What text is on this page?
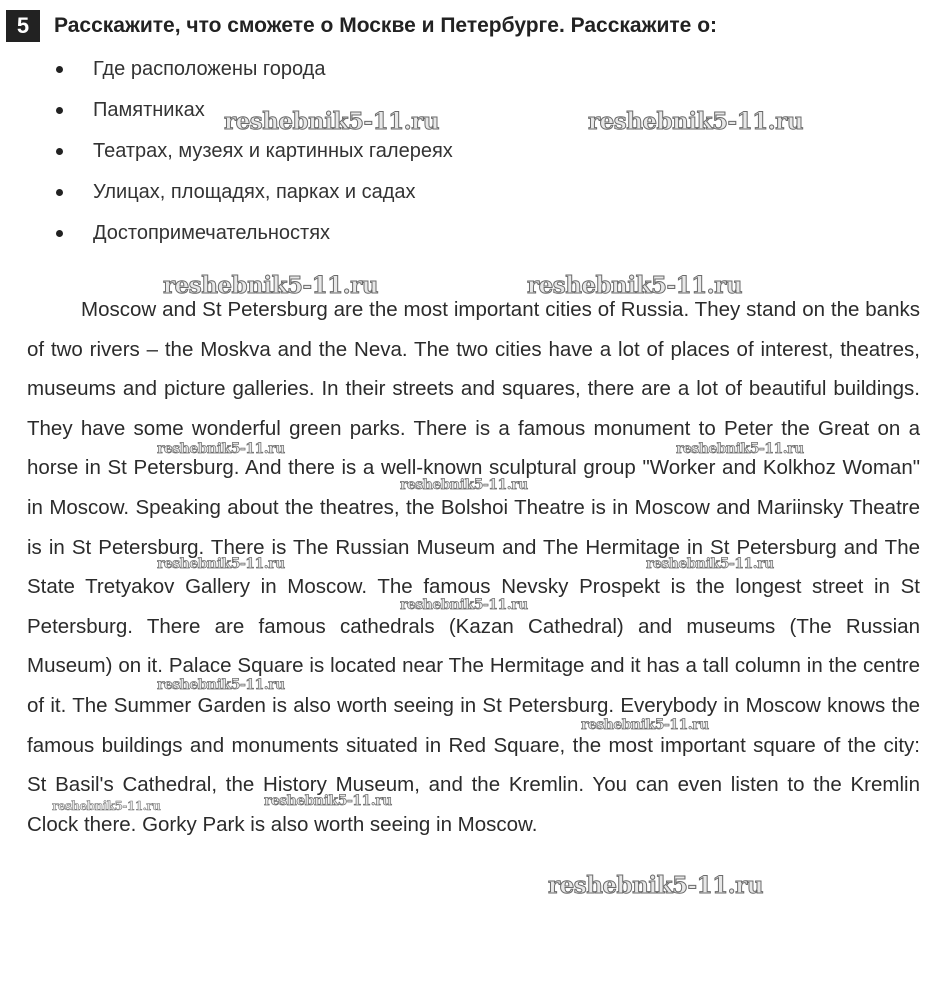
5	Расскажите, что сможете о Москве и Петербурге. Расскажите о:
Где расположены города
Памятниках
Театрах, музеях и картинных галереях
Улицах, площадях, парках и садах
Достопримечательностях

Moscow and St Petersburg are the most important cities of Russia. They stand on the banks of two rivers – the Moskva and the Neva. The two cities have a lot of places of interest, theatres, museums and picture galleries. In their streets and squares, there are a lot of beautiful buildings. They have some wonderful green parks. There is a famous monument to Peter the Great on a horse in St Petersburg. And there is a well-known sculptural group "Worker and Kolkhoz Woman" in Moscow. Speaking about the theatres, the Bolshoi Theatre is in Moscow and Mariinsky Theatre is in St Petersburg. There is The Russian Museum and The Hermitage in St Petersburg and The State Tretyakov Gallery in Moscow. The famous Nevsky Prospekt is the longest street in St Petersburg. There are famous cathedrals (Kazan Cathedral) and museums (The Russian Museum) on it. Palace Square is located near The Hermitage and it has a tall column in the centre of it. The Summer Garden is also worth seeing in St Petersburg. Everybody in Moscow knows the famous buildings and monuments situated in Red Square, the most important square of the city: St Basil's Cathedral, the History Museum, and the Kremlin. You can even listen to the Kremlin Clock there. Gorky Park is also worth seeing in Moscow.

reshebnik5-11.ru	reshebnik5-11.ru
reshebnik5-11.ru	reshebnik5-11.ru
reshebnik5-11.ru	reshebnik5-11.ru
reshebnik5-11.ru
reshebnik5-11.ru	reshebnik5-11.ru
reshebnik5-11.ru
reshebnik5-11.ru
reshebnik5-11.ru
reshebnik5-11.ru	reshebnik5-11.ru
reshebnik5-11.ru
